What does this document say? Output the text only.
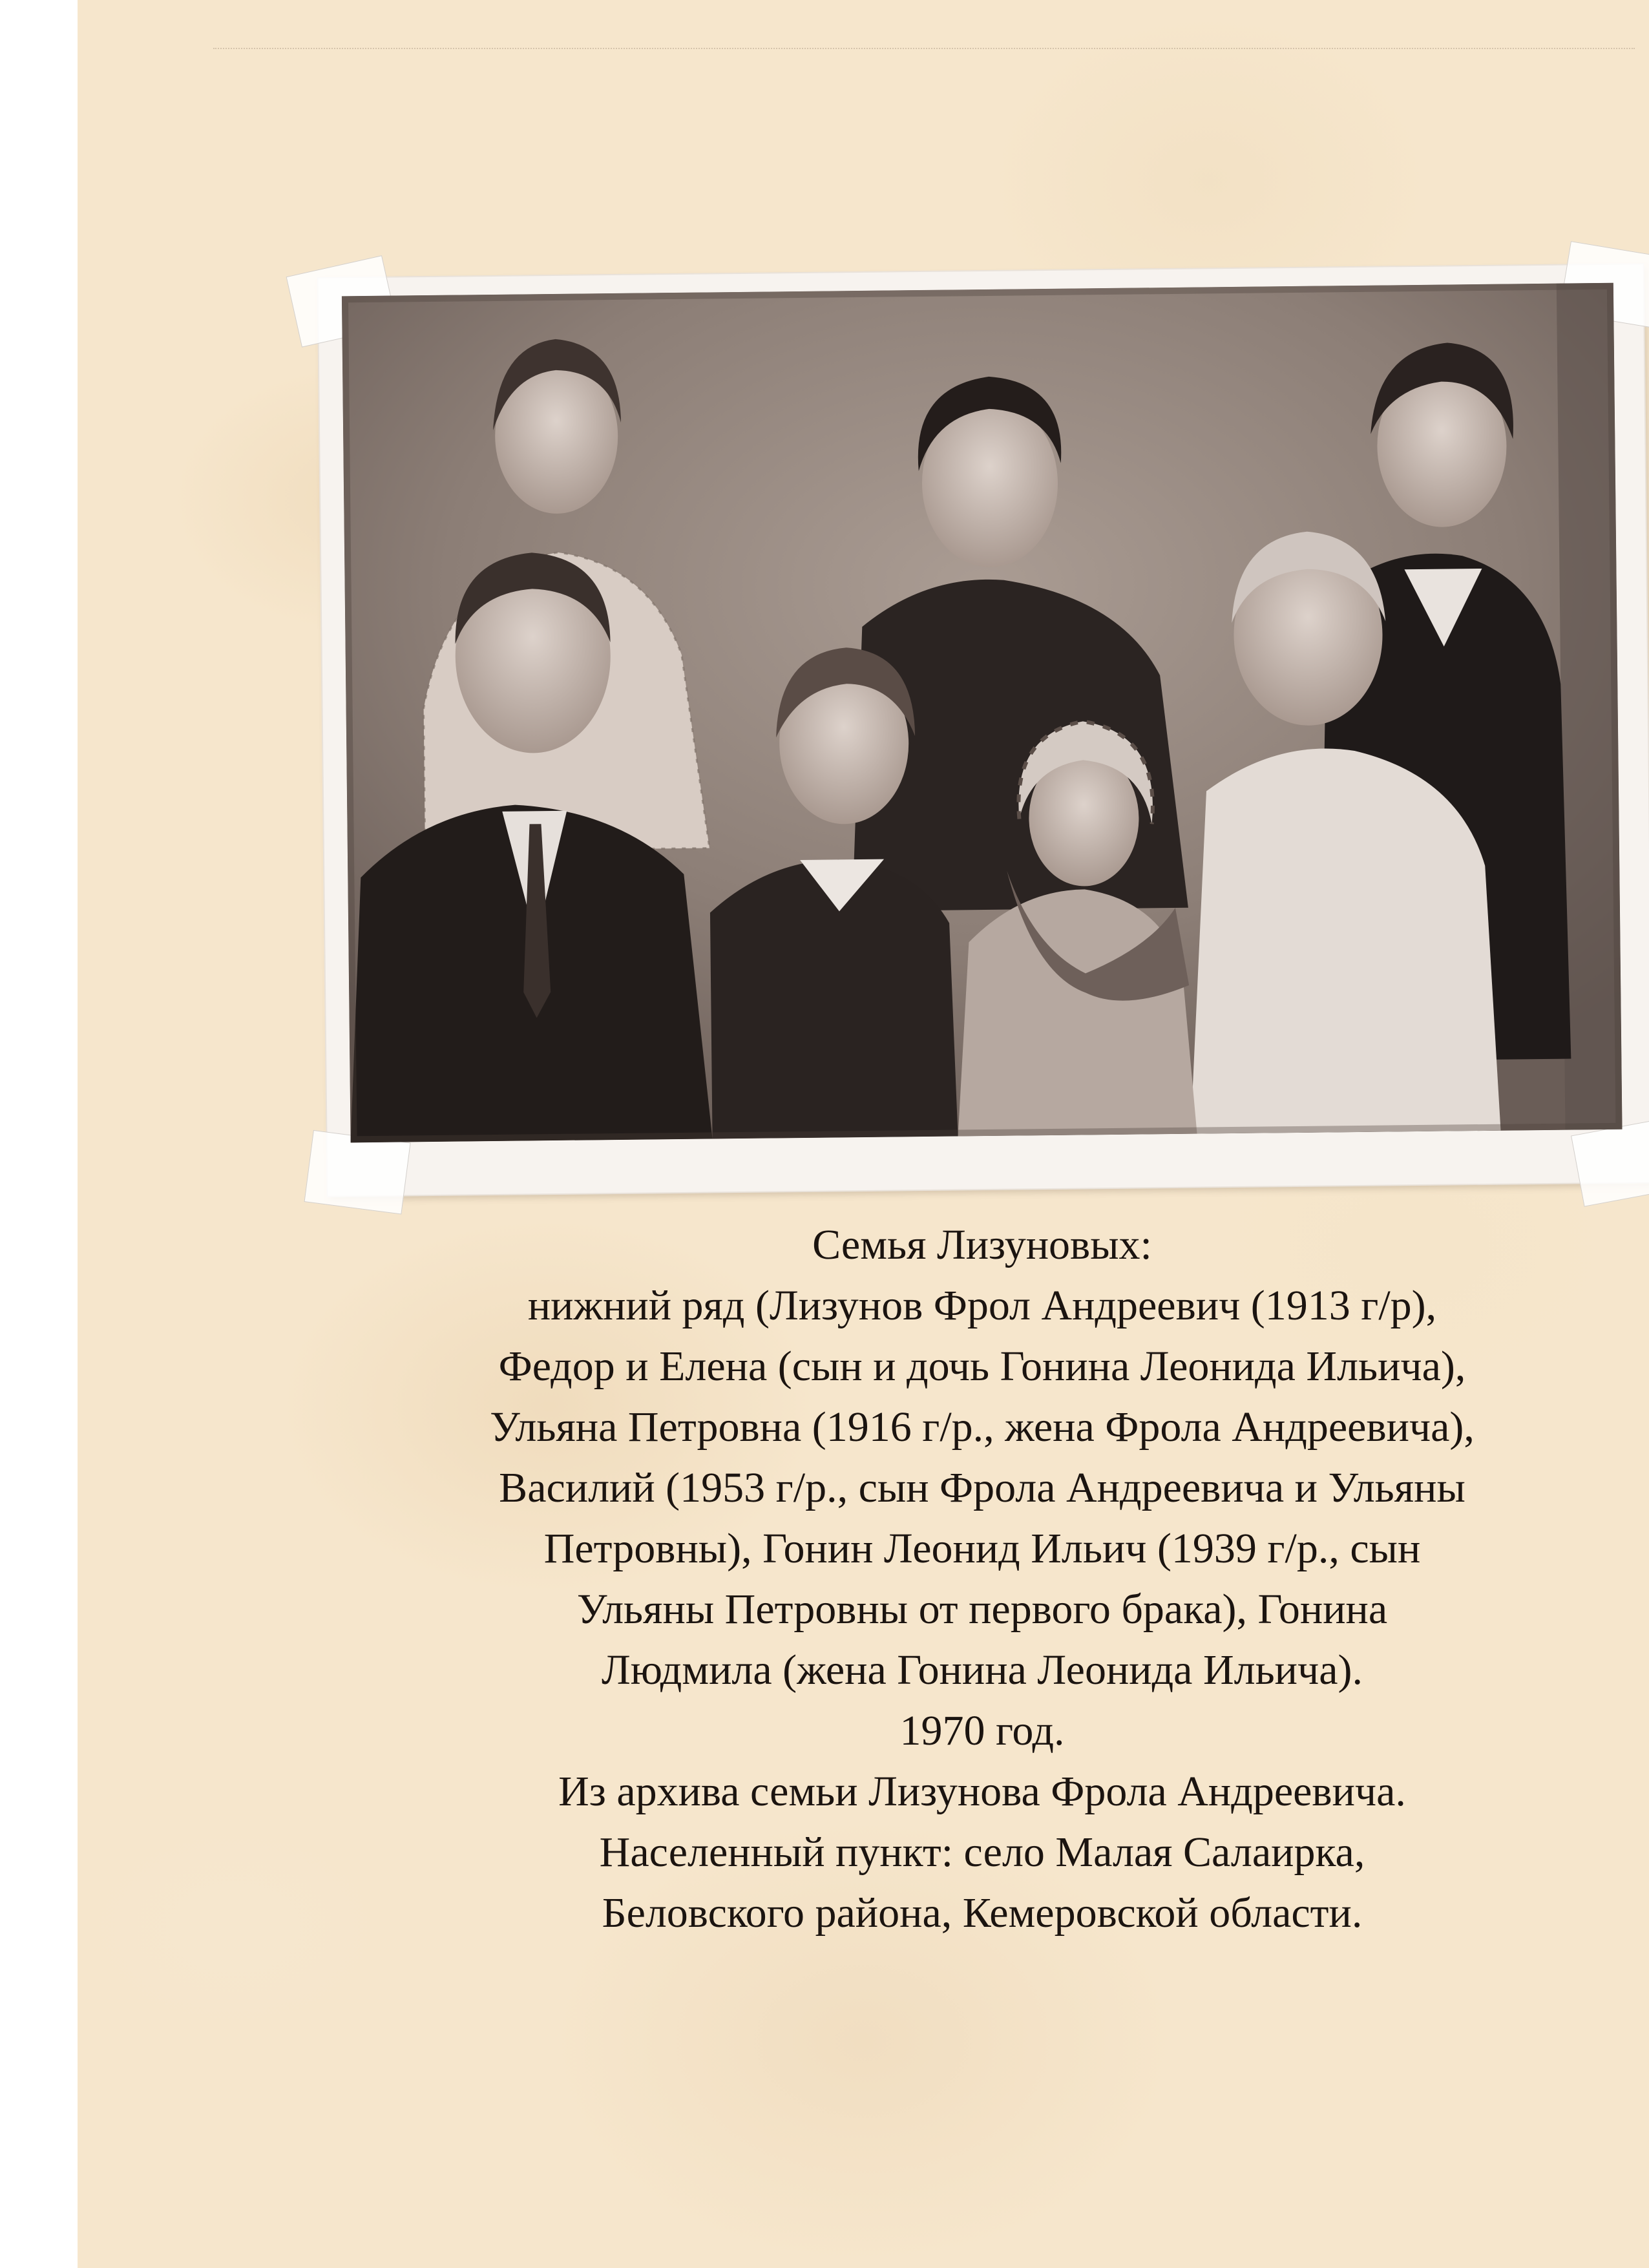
Семья Лизуновых:
нижний ряд (Лизунов Фрол Андреевич (1913 г/р),
Федор и Елена (сын и дочь Гонина Леонида Ильича),
Ульяна Петровна (1916 г/р., жена Фрола Андреевича),
Василий (1953 г/р., сын Фрола Андреевича и Ульяны
Петровны), Гонин Леонид Ильич (1939 г/р., сын
Ульяны Петровны от первого брака), Гонина
Людмила (жена Гонина Леонида Ильича).
1970 год.
Из архива семьи Лизунова Фрола Андреевича.
Населенный пункт: село Малая Салаирка,
Беловского района, Кемеровской области.
